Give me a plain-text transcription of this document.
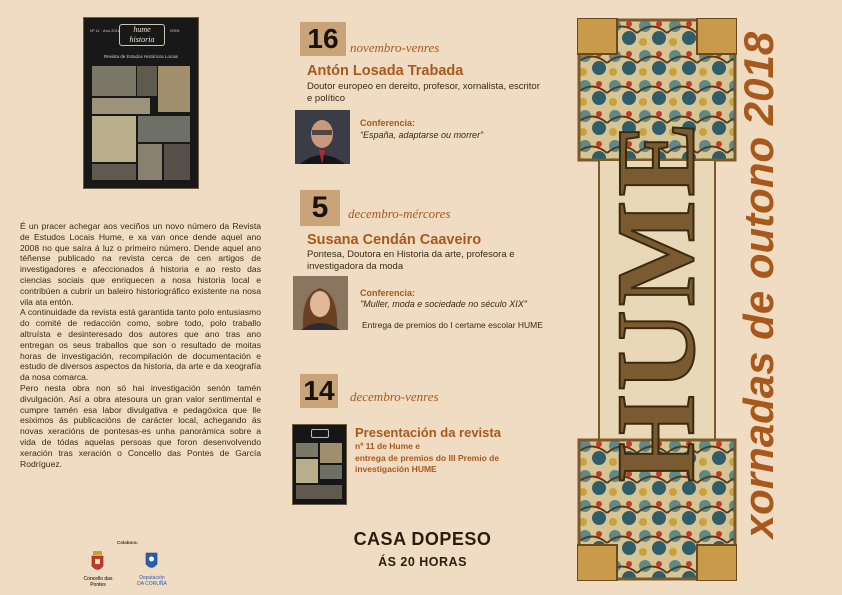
Nº 11 · Ano 2018	ISSN
hume
historia
Revista de Estudos Históricos Locais

É un pracer achegar aos veciños un novo número da Revista de Estudos Locais Hume, e xa van once dende aquel ano 2008 no que saíra á luz o primeiro número. Dende aquel ano téñense publicado na revista cerca de cen artigos de investigadores e afeccionados á historia e ao resto das ciencias sociais que enriquecen a nosa historia local e contribúen a cubrir un baleiro historiográfico existente na nosa vila ata entón.

A continuidade da revista está garantida tanto polo entusiasmo do comité de redacción como, sobre todo, polo traballo altruísta e desinteresado dos autores que ano tras ano entregan os seus traballos que son o resultado de moitas horas de investigación, recompilación de documentación e estudo de diversos aspectos da historia, da arte e da xeografía da nosa comarca.

Pero nesta obra non só hai investigación senón tamén divulgación. Así a obra atesoura un gran valor sentimental e cumpre tamén esa labor divulgativa e pedagóxica que lle esiximos ás publicacións de carácter local, achegando ás novas xeracións de pontesas-es unha panorámica sobre a vida de tódas aquelas persoas que foron desenvolvendo xeración tras xeración o Concello das Pontes de García Rodríguez.

Colabora:
Concello das Pontes
Deputación
DA CORUÑA
16 novembro-venres
Antón Losada Trabada
Doutor europeo en dereito, profesor, xornalista, escritor e político
Conferencia:
“España, adaptarse ou morrer”
5	decembro-mércores
Susana Cendán Caaveiro
Pontesa, Doutora en Historia da arte, profesora e investigadora da moda
Conferencia:
"Muller, moda e sociedade no século XIX"
Entrega de premios do I certame escolar HUME
14 decembro-venres
Presentación da revista
nº 11 de Hume e
entrega de premios do III Premio de investigación HUME
CASA DOPESO
ÁS 20 HORAS
HUME xornadas de outono 2018
